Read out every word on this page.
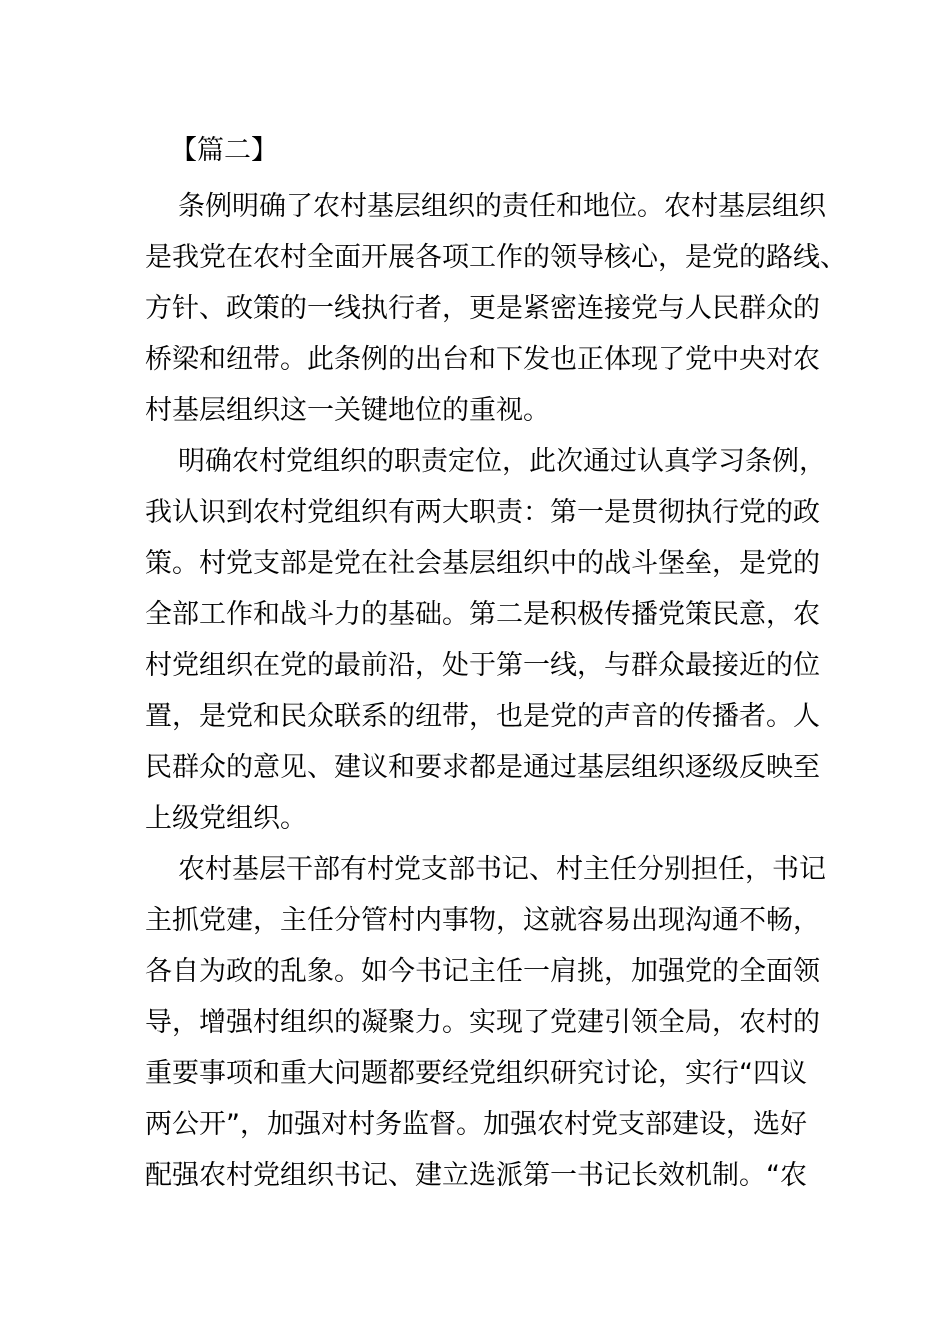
【篇二】
条例明确了农村基层组织的责任和地位。农村基层组织
是我党在农村全面开展各项工作的领导核心，是党的路线、
方针、政策的一线执行者，更是紧密连接党与人民群众的
桥梁和纽带。此条例的出台和下发也正体现了党中央对农
村基层组织这一关键地位的重视。
明确农村党组织的职责定位，此次通过认真学习条例，
我认识到农村党组织有两大职责：第一是贯彻执行党的政
策。村党支部是党在社会基层组织中的战斗堡垒，是党的
全部工作和战斗力的基础。第二是积极传播党策民意，农
村党组织在党的最前沿，处于第一线，与群众最接近的位
置，是党和民众联系的纽带，也是党的声音的传播者。人
民群众的意见、建议和要求都是通过基层组织逐级反映至
上级党组织。
农村基层干部有村党支部书记、村主任分别担任，书记
主抓党建，主任分管村内事物，这就容易出现沟通不畅，
各自为政的乱象。如今书记主任一肩挑，加强党的全面领
导，增强村组织的凝聚力。实现了党建引领全局，农村的
重要事项和重大问题都要经党组织研究讨论，实行“四议
两公开”，加强对村务监督。加强农村党支部建设，选好
配强农村党组织书记、建立选派第一书记长效机制。“农
